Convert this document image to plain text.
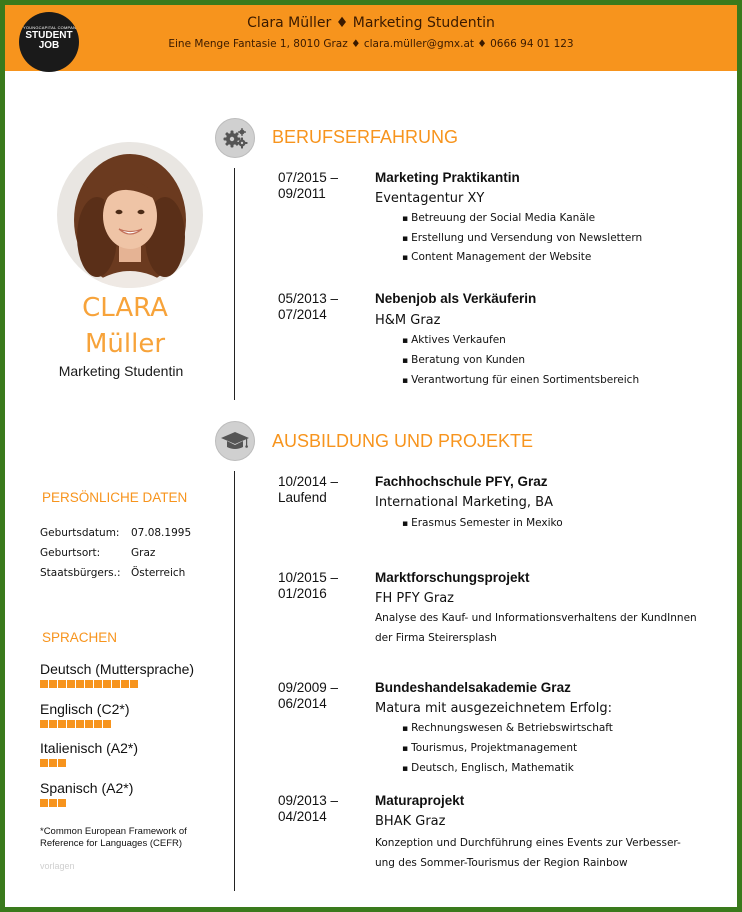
A YOUNGCAPITAL COMPANY
STUDENT
JOB
Clara Müller ♦ Marketing Studentin
Eine Menge Fantasie 1, 8010 Graz ♦ clara.müller@gmx.at ♦ 0666 94 01 123
BERUFSERFAHRUNG
AUSBILDUNG UND PROJEKTE
CLARA
Müller
Marketing Studentin
PERSÖNLICHE DATEN
Geburtsdatum: 07.08.1995
Geburtsort:	Graz
Staatsbürgers.: Österreich
SPRACHEN
Deutsch (Muttersprache)
Englisch (C2*)
Italienisch (A2*)
Spanisch (A2*)
*Common European Framework of Reference for Languages (CEFR)
vorlagen
07/2015 –
09/2011
Marketing Praktikantin
Eventagentur XY
▪ Betreuung der Social Media Kanäle
▪ Erstellung und Versendung von Newslettern
▪ Content Management der Website
05/2013 –
07/2014
Nebenjob als Verkäuferin
H&M Graz
▪ Aktives Verkaufen
▪ Beratung von Kunden
▪ Verantwortung für einen Sortimentsbereich
10/2014 –
Laufend
Fachhochschule PFY, Graz
International Marketing, BA
▪ Erasmus Semester in Mexiko
10/2015 –
01/2016
Marktforschungsprojekt
FH PFY Graz
Analyse des Kauf- und Informationsverhaltens der KundInnen
der Firma Steirersplash
09/2009 –
06/2014
Bundeshandelsakademie Graz
Matura mit ausgezeichnetem Erfolg:
▪ Rechnungswesen & Betriebswirtschaft
▪ Tourismus, Projektmanagement
▪ Deutsch, Englisch, Mathematik
09/2013 –
04/2014
Maturaprojekt
BHAK Graz
Konzeption und Durchführung eines Events zur Verbesser-
ung des Sommer-Tourismus der Region Rainbow
